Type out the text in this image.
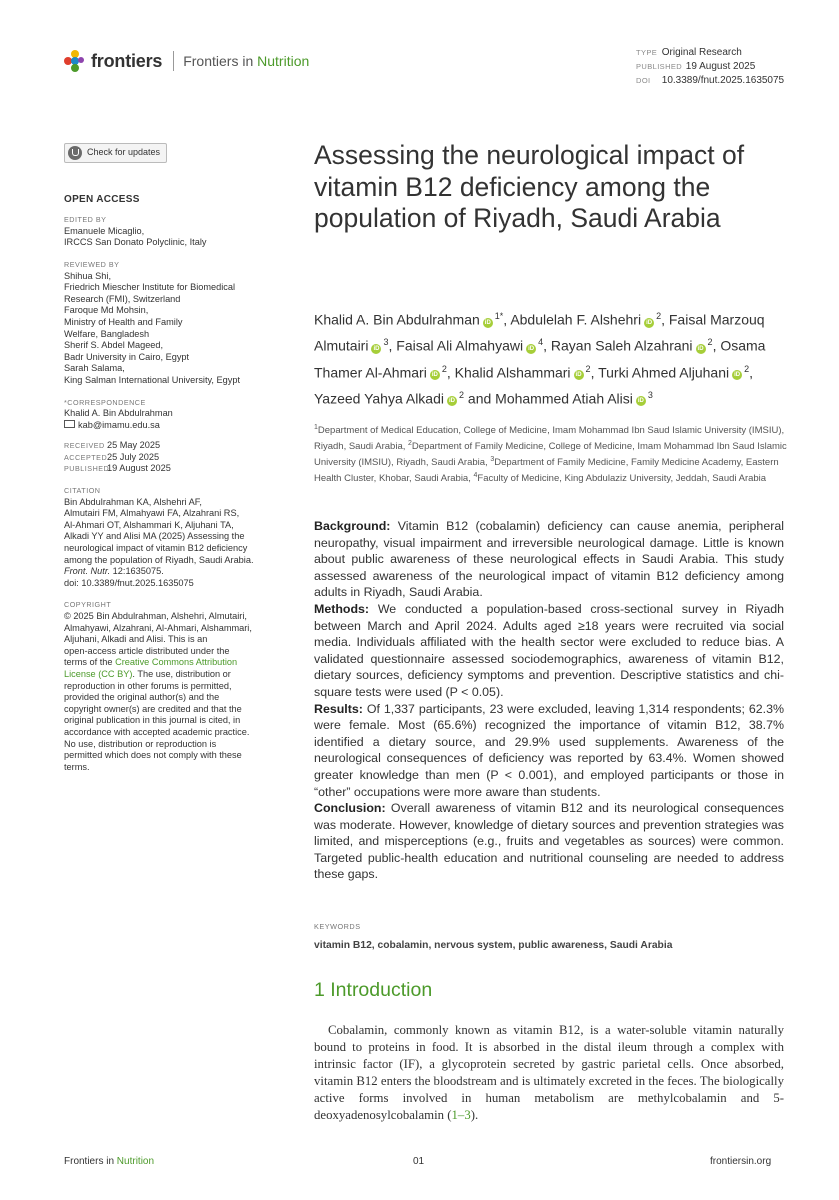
frontiers Frontiers in Nutrition
TYPE Original Research
PUBLISHED 19 August 2025
DOI 10.3389/fnut.2025.1635075
Check for updates
OPEN ACCESS
EDITED BY
Emanuele Micaglio,
IRCCS San Donato Polyclinic, Italy
REVIEWED BY
Shihua Shi,
Friedrich Miescher Institute for Biomedical
Research (FMI), Switzerland
Faroque Md Mohsin,
Ministry of Health and Family
Welfare, Bangladesh
Sherif S. Abdel Mageed,
Badr University in Cairo, Egypt
Sarah Salama,
King Salman International University, Egypt
*CORRESPONDENCE
Khalid A. Bin Abdulrahman
kab@imamu.edu.sa
RECEIVED 25 May 2025
ACCEPTED25 July 2025
PUBLISHED19 August 2025
CITATION
Bin Abdulrahman KA, Alshehri AF,
Almutairi FM, Almahyawi FA, Alzahrani RS,
Al-Ahmari OT, Alshammari K, Aljuhani TA,
Alkadi YY and Alisi MA (2025) Assessing the
neurological impact of vitamin B12 deficiency
among the population of Riyadh, Saudi Arabia.
Front. Nutr. 12:1635075.
doi: 10.3389/fnut.2025.1635075
COPYRIGHT
© 2025 Bin Abdulrahman, Alshehri, Almutairi,
Almahyawi, Alzahrani, Al-Ahmari, Alshammari,
Aljuhani, Alkadi and Alisi. This is an
open-access article distributed under the
terms of the Creative Commons Attribution
License (CC BY). The use, distribution or
reproduction in other forums is permitted,
provided the original author(s) and the
copyright owner(s) are credited and that the
original publication in this journal is cited, in
accordance with accepted academic practice.
No use, distribution or reproduction is
permitted which does not comply with these
terms.
Assessing the neurological impact of vitamin B12 deficiency among the population of Riyadh, Saudi Arabia
Khalid A. Bin Abdulrahman $iD^{1*}$, Abdulelah F. Alshehri $iD^2$, Faisal Marzouq Almutairi $iD^3$, Faisal Ali Almahyawi $iD^4$, Rayan Saleh Alzahrani $iD^2$, Osama Thamer Al-Ahmari $iD^2$, Khalid Alshammari $iD^2$, Turki Ahmed Aljuhani $iD^2$, Yazeed Yahya Alkadi $iD^2$ and Mohammed Atiah Alisi $iD^3$
$^1$Department of Medical Education, College of Medicine, Imam Mohammad Ibn Saud Islamic University (IMSIU), Riyadh, Saudi Arabia, $^2$Department of Family Medicine, College of Medicine, Imam Mohammad Ibn Saud Islamic University (IMSIU), Riyadh, Saudi Arabia, $^3$Department of Family Medicine, Family Medicine Academy, Eastern Health Cluster, Khobar, Saudi Arabia, $^4$Faculty of Medicine, King Abdulaziz University, Jeddah, Saudi Arabia

Background: Vitamin B12 (cobalamin) deficiency can cause anemia, peripheral neuropathy, visual impairment and irreversible neurological damage. Little is known about public awareness of these neurological effects in Saudi Arabia. This study assessed awareness of the neurological impact of vitamin B12 deficiency among adults in Riyadh, Saudi Arabia.

Methods: We conducted a population-based cross-sectional survey in Riyadh between March and April 2024. Adults aged ≥18 years were recruited via social media. Individuals affiliated with the health sector were excluded to reduce bias. A validated questionnaire assessed sociodemographics, awareness of vitamin B12, dietary sources, deficiency symptoms and prevention. Descriptive statistics and chi-square tests were used (P < 0.05).

Results: Of 1,337 participants, 23 were excluded, leaving 1,314 respondents; 62.3% were female. Most (65.6%) recognized the importance of vitamin B12, 38.7% identified a dietary source, and 29.9% used supplements. Awareness of the neurological consequences of deficiency was reported by 63.4%. Women showed greater knowledge than men (P < 0.001), and employed participants or those in “other” occupations were more aware than students.

Conclusion: Overall awareness of vitamin B12 and its neurological consequences was moderate. However, knowledge of dietary sources and prevention strategies was limited, and misperceptions (e.g., fruits and vegetables as sources) were common. Targeted public-health education and nutritional counseling are needed to address these gaps.

KEYWORDS
vitamin B12, cobalamin, nervous system, public awareness, Saudi Arabia
1 Introduction

Cobalamin, commonly known as vitamin B12, is a water-soluble vitamin naturally bound to proteins in food. It is absorbed in the distal ileum through a complex with intrinsic factor (IF), a glycoprotein secreted by gastric parietal cells. Once absorbed, vitamin B12 enters the bloodstream and is ultimately excreted in the feces. The biologically active forms involved in human metabolism are methylcobalamin and 5-deoxyadenosylcobalamin (1–3).

Frontiers in Nutrition	01	frontiersin.org
